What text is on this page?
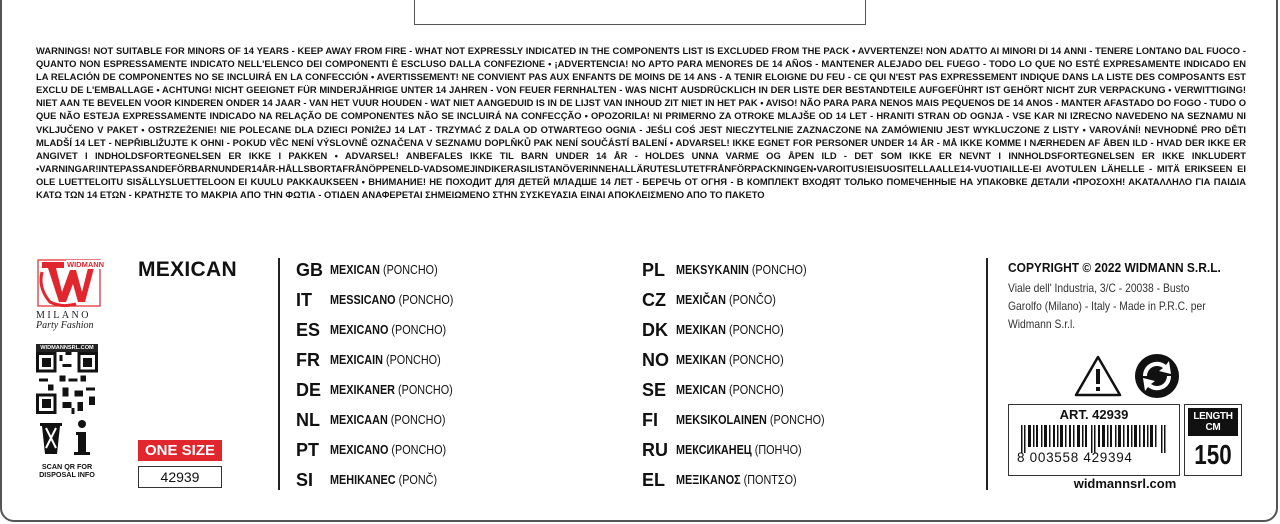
WARNINGS! NOT SUITABLE FOR MINORS OF 14 YEARS - KEEP AWAY FROM FIRE - WHAT NOT EXPRESSLY INDICATED IN THE COMPONENTS LIST IS EXCLUDED FROM THE PACK • AVVERTENZE! NON ADATTO AI MINORI DI 14 ANNI - TENERE LONTANO DAL FUOCO - QUANTO NON ESPRESSAMENTE INDICATO NELL'ELENCO DEI COMPONENTI È ESCLUSO DALLA CONFEZIONE • ¡ADVERTENCIA! NO APTO PARA MENORES DE 14 AÑOS - MANTENER ALEJADO DEL FUEGO - TODO LO QUE NO ESTÉ EXPRESAMENTE INDICADO EN LA RELACIÓN DE COMPONENTES NO SE INCLUIRÁ EN LA CONFECCIÓN • AVERTISSEMENT! NE CONVIENT PAS AUX ENFANTS DE MOINS DE 14 ANS - A TENIR ELOIGNE DU FEU - CE QUI N'EST PAS EXPRESSEMENT INDIQUE DANS LA LISTE DES COMPOSANTS EST EXCLU DE L'EMBALLAGE • ACHTUNG! NICHT GEEIGNET FÜR MINDERJÄHRIGE UNTER 14 JAHREN - VON FEUER FERNHALTEN - WAS NICHT AUSDRÜCKLICH IN DER LISTE DER BESTANDTEILE AUFGEFÜHRT IST GEHÖRT NICHT ZUR VERPACKUNG • VERWITTIGING! NIET AAN TE BEVELEN VOOR KINDEREN ONDER 14 JAAR - VAN HET VUUR HOUDEN - WAT NIET AANGEDUID IS IN DE LIJST VAN INHOUD ZIT NIET IN HET PAK • AVISO! NÃO PARA PARA NENOS MAIS PEQUENOS DE 14 ANOS - MANTER AFASTADO DO FOGO - TUDO O QUE NÃO ESTEJA EXPRESSAMENTE INDICADO NA RELAÇÃO DE COMPONENTES NÃO SE INCLUIRÁ NA CONFECÇÃO • OPOZORILA! NI PRIMERNO ZA OTROKE MLAJŠE OD 14 LET - HRANITI STRAN OD OGNJA - VSE KAR NI IZRECNO NAVEDENO NA SEZNAMU NI VKLJUČENO V PAKET • OSTRZEŻENIE! NIE POLECANE DLA DZIECI PONIŻEJ 14 LAT - TRZYMAĆ Z DALA OD OTWARTEGO OGNIA - JEŚLI COŚ JEST NIECZYTELNIE ZAZNACZONE NA ZAMÓWIENIU JEST WYKLUCZONE Z LISTY • VAROVÁNÍ! NEVHODNÉ PRO DĚTI MLADŠÍ 14 LET - NEPŘIBLIŽUJTE K OHNI - POKUD VĚC NENÍ VÝSLOVNĚ OZNAČENA V SEZNAMU DOPLŇKŮ PAK NENÍ SOUČÁSTÍ BALENÍ • ADVARSEL! IKKE EGNET FOR PERSONER UNDER 14 ÅR - MÅ IKKE KOMME I NÆRHEDEN AF ÅBEN ILD - HVAD DER IKKE ER ANGIVET I INDHOLDSFORTEGNELSEN ER IKKE I PAKKEN • ADVARSEL! ANBEFALES IKKE TIL BARN UNDER 14 ÅR - HOLDES UNNA VARME OG ÅPEN ILD - DET SOM IKKE ER NEVNT I INNHOLDSFORTEGNELSEN ER IKKE INKLUDERT •VARNINGAR!INTEPASSANDEFÖRBARNUNDER14ÅR-HÅLLSBORTAFRÅNÖPPENELD-VADSOMEJINDIKERASILISTANÖVERINNEHALLÄRUTESLUTETFRÅNFÖRPACKNINGEN•VAROITUS!EISUOSITELLAALLE14-VUOTIAILLE-EI AVOTULEN LÄHELLE - MITÄ ERIKSEEN EI OLE LUETTELOITU SISÄLLYSLUETTELOON EI KUULU PAKKAUKSEEN • ВНИМАНИЕ! НЕ ПОХОДИТ ДЛЯ ДЕТЕЙ МЛАДШЕ 14 ЛЕТ - БЕРЕЧЬ ОТ ОГНЯ - В КОМПЛЕКТ ВХОДЯТ ТОЛЬКО ПОМЕЧЕННЫЕ НА УПАКОВКЕ ДЕТАЛИ •ΠΡΟΣΟΧΗ! ΑΚΑΤΑΛΛΗΛΟ ΓΙΑ ΠΑΙΔΙΑ ΚΑΤΩ ΤΩΝ 14 ΕΤΩΝ - ΚΡΑΤΗΣΤΕ ΤΟ ΜΑΚΡΙΑ ΑΠΟ ΤΗΝ ΦΩΤΙΑ - ΟΤΙΔΕΝ ΑΝΑΦΕΡΕΤΑΙ ΣΗΜΕΙΩΜΕΝΟ ΣΤΗΝ ΣΥΣΚΕΥΑΣΙΑ ΕΙΝΑΙ ΑΠΟΚΛΕΙΣΜΕΝΟ ΑΠΟ ΤΟ ΠΑΚΕΤΟ
WIDMANN
MILANO
Party Fashion
WIDMANNSRL.COM
SCAN QR FOR DISPOSAL INFO
MEXICAN
ONE SIZE
42939
GB MEXICAN (PONCHO)
IT	MESSICANO (PONCHO)
ES MEXICANO (PONCHO)
FR MEXICAIN (PONCHO)
DE MEXIKANER (PONCHO)
NL MEXICAAN (PONCHO)
PT MEXICANO (PONCHO)
SI	MEHIKANEC (PONČ)
PL MEKSYKANIN (PONCHO)
CZ MEXIČAN (PONČO)
DK MEXIKAN (PONCHO)
NO MEXIKAN (PONCHO)
SE MEXICAN (PONCHO)
FI	MEKSIKOLAINEN (PONCHO)
RU МЕКСИКАНЕЦ (ПОНЧО)
EL ΜΕΞΙΚΑΝΟΣ (ΠΟΝΤΣΟ)
COPYRIGHT © 2022 WIDMANN S.R.L.
Viale dell' Industria, 3/C - 20038 - Busto Garolfo (Milano) - Italy - Made in P.R.C. per Widmann S.r.l.

ART. 42939
8 003558 429394
LENGTH CM
150
widmannsrl.com
